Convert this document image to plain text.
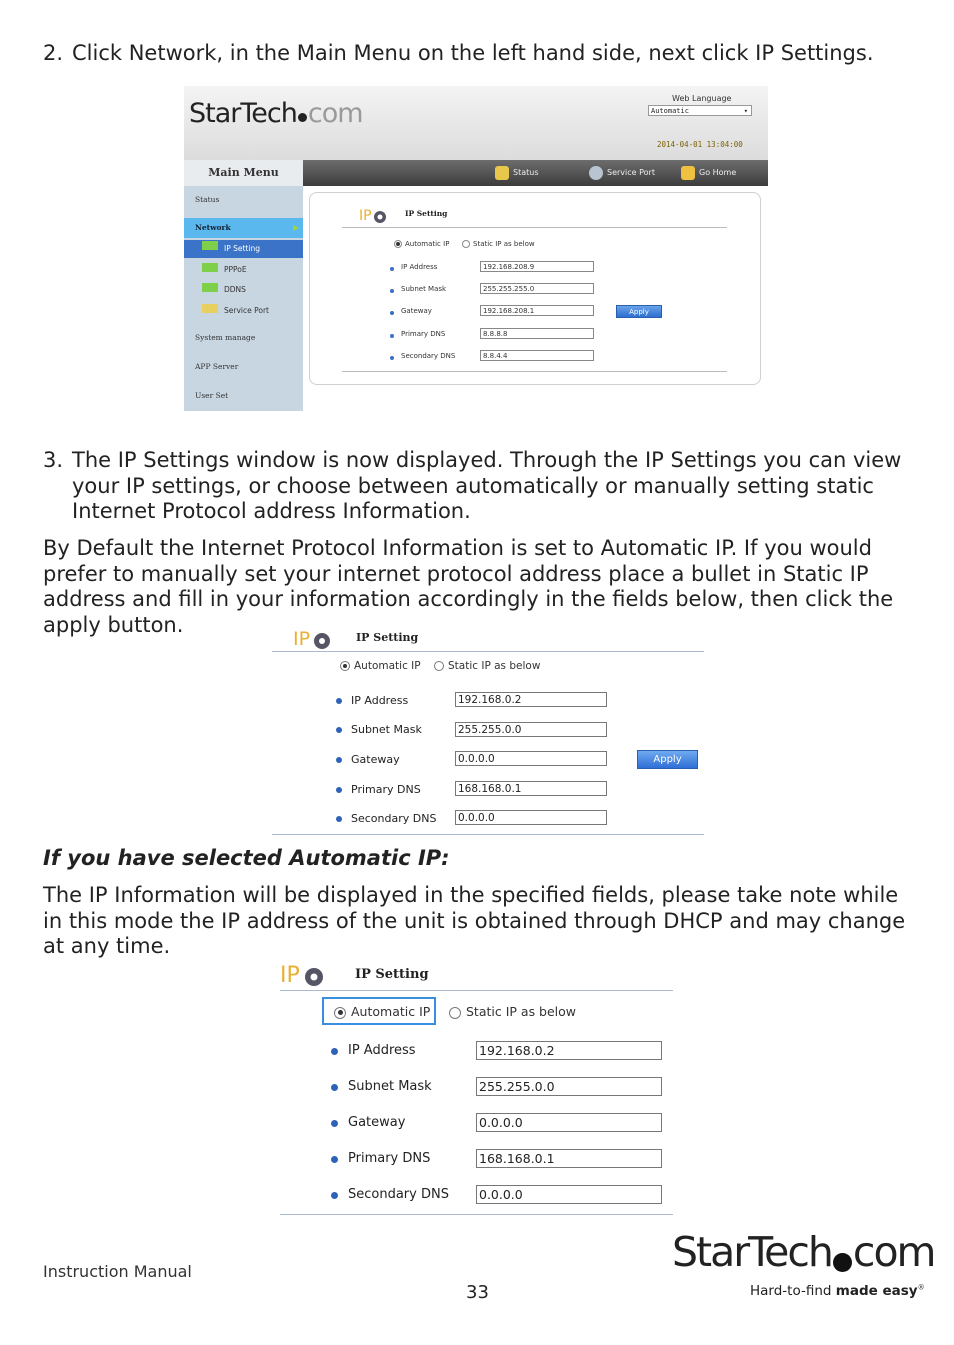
2. Click Network, in the Main Menu on the left hand side, next click IP Settings.
StarTech com	Web Language
Automatic	▾
2014-04-01 13:04:00
Main Menu	Status	Service Port	Go Home
Status
Network	▶
IP Setting
PPPoE
DDNS
Service Port
System manage
APP Server
User Set
IP	IP Setting
Automatic IP	Static IP as below
IP Address	192.168.208.9
Subnet Mask	255.255.255.0
Gateway	192.168.208.1
Primary DNS	8.8.8.8
Secondary DNS	8.8.4.4
Apply
3. The IP Settings window is now displayed. Through the IP Settings you can view your IP settings, or choose between automatically or manually setting static Internet Protocol address Information.
By Default the Internet Protocol Information is set to Automatic IP. If you would prefer to manually set your internet protocol address place a bullet in Static IP address and fill in your information accordingly in the fields below, then click the apply button.
IP	IP Setting
Automatic IP	Static IP as below
IP Address	192.168.0.2
Subnet Mask	255.255.0.0
Gateway	0.0.0.0
Primary DNS	168.168.0.1
Secondary DNS 0.0.0.0
Apply
If you have selected Automatic IP:
The IP Information will be displayed in the specified fields, please take note while in this mode the IP address of the unit is obtained through DHCP and may change at any time.
IP	IP Setting
Automatic IP	Static IP as below
IP Address	192.168.0.2
Subnet Mask	255.255.0.0
Gateway	0.0.0.0
Primary DNS	168.168.0.1
Secondary DNS 0.0.0.0
Instruction Manual
33
StarTech com
Hard-to-find made easy®
